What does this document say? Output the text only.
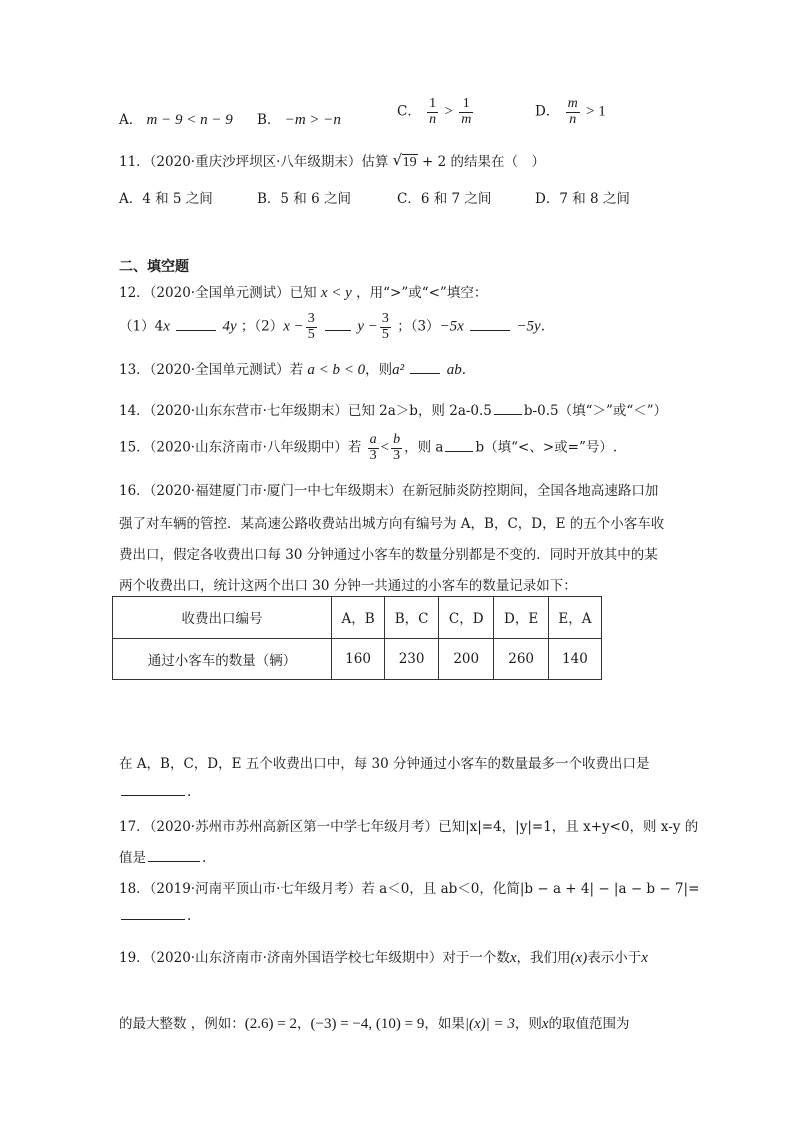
A． m − 9 < n − 9 B． −m > −n
C． $\frac{1}{n} > \frac{1}{m}$	D． $\frac{m}{n} > 1$
11．（2020·重庆沙坪坝区·八年级期末）估算 √ 19 + 2 的结果在（　）
A．4 和 5 之间	B．5 和 6 之间	C．6 和 7 之间	D．7 和 8 之间
二、填空题
12．（2020·全国单元测试）已知 x < y ，用“>”或“<”填空：
（1）4x	4y ；$(2)x - \frac{3}{5}$	$y - \frac{3}{5}$ ；（3）−5x	−5y.
13．（2020·全国单元测试）若 a < b < 0，则a²	ab.
14．（2020·山东东营市·七年级期末）已知 2a＞b，则 2a-0.5 b-0.5（填“＞”或“＜”）
15．（2020·山东济南市·八年级期中）若 $\frac{a}{3} < \frac{b}{3}$ ，则 a b（填“<、>或=”号）.
16．（2020·福建厦门市·厦门一中七年级期末）在新冠肺炎防控期间，全国各地高速路口加
强了对车辆的管控．某高速公路收费站出城方向有编号为 A，B，C，D，E 的五个小客车收
费出口，假定各收费出口每 30 分钟通过小客车的数量分别都是不变的．同时开放其中的某
两个收费出口，统计这两个出口 30 分钟一共通过的小客车的数量记录如下：
收费出口编号	A，B	B，C	C，D	D，E	E，A
通过小客车的数量（辆）	160	230	200	260	140
在 A，B，C，D，E 五个收费出口中，每 30 分钟通过小客车的数量最多一个收费出口是
.
17．（2020·苏州市苏州高新区第一中学七年级月考）已知|x|=4，|y|=1，且 x+y<0，则 x-y 的
值是	.
18．（2019·河南平顶山市·七年级月考）若 a＜0，且 ab＜0，化简|b − a + 4| − |a − b − 7|=
.
19．（2020·山东济南市·济南外国语学校七年级期中）对于一个数x，我们用(x)表示小于x
的最大整数 ，例如：(2.6) = 2，(−3) = −4, (10) = 9，如果|(x)| = 3，则x的取值范围为
